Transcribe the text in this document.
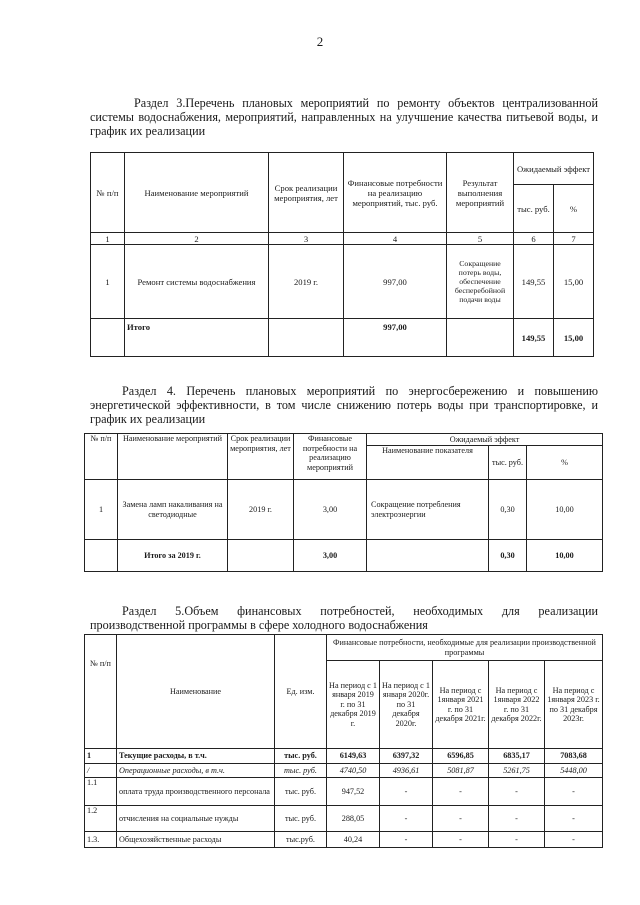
2
Раздел 3.Перечень плановых мероприятий по ремонту объектов централизованной системы водоснабжения, мероприятий, направленных на улучшение качества питьевой воды, и график их реализации
№ п/п	Наименование мероприятий	Срок реализации мероприятия, лет	Финансовые потребности на реализацию мероприятий, тыс. руб.	Результат выполнения мероприятий	Ожидаемый эффект	
					тыс. руб.	%
1	2	3	4	5	6	7
1	Ремонт системы водоснабжения	2019 г.	997,00	Сокращение потерь воды, обеспечение бесперебойной подачи воды	149,55	15,00
	Итого		997,00		149,55	15,00
Раздел 4. Перечень плановых мероприятий по энергосбережению и повышению энергетической эффективности, в том числе снижению потерь воды при транспортировке, и график их реализации
№ п/п	Наименование мероприятий	Срок реализации мероприятия, лет	Финансовые потребности на реализацию мероприятий	Ожидаемый эффект		
				Наименование показателя	тыс. руб.	%
1	Замена ламп накаливания на светодиодные	2019 г.	3,00	Сокращение потребления электроэнергии	0,30	10,00
	Итого за 2019 г.		3,00		0,30	10,00
Раздел 5.Объем финансовых потребностей, необходимых для реализации производственной программы в сфере холодного водоснабжения
№ п/п	Наименование	Ед. изм.	Финансовые потребности, необходимые для реализации производственной программы				
			На период с 1 января 2019 г. по 31 декабря 2019 г.	На период с 1 января 2020г. по 31 декабря 2020г.	На период с 1января 2021 г. по 31 декабря 2021г.	На период с 1января 2022 г. по 31 декабря 2022г.	На период с 1января 2023 г. по 31 декабря 2023г.
1	Текущие расходы, в т.ч.	тыс. руб.	6149,63	6397,32	6596,85	6835,17	7083,68
/	Операционные расходы, в т.ч.	тыс. руб.	4740,50	4936,61	5081,87	5261,75	5448,00
1.1	оплата труда производственного персонала	тыс. руб.	947,52	-	-	-	-
1.2	отчисления на социальные нужды	тыс. руб.	288,05	-	-	-	-
1.3.	Общехозяйственные расходы	тыс.руб.	40,24	-	-	-	-
